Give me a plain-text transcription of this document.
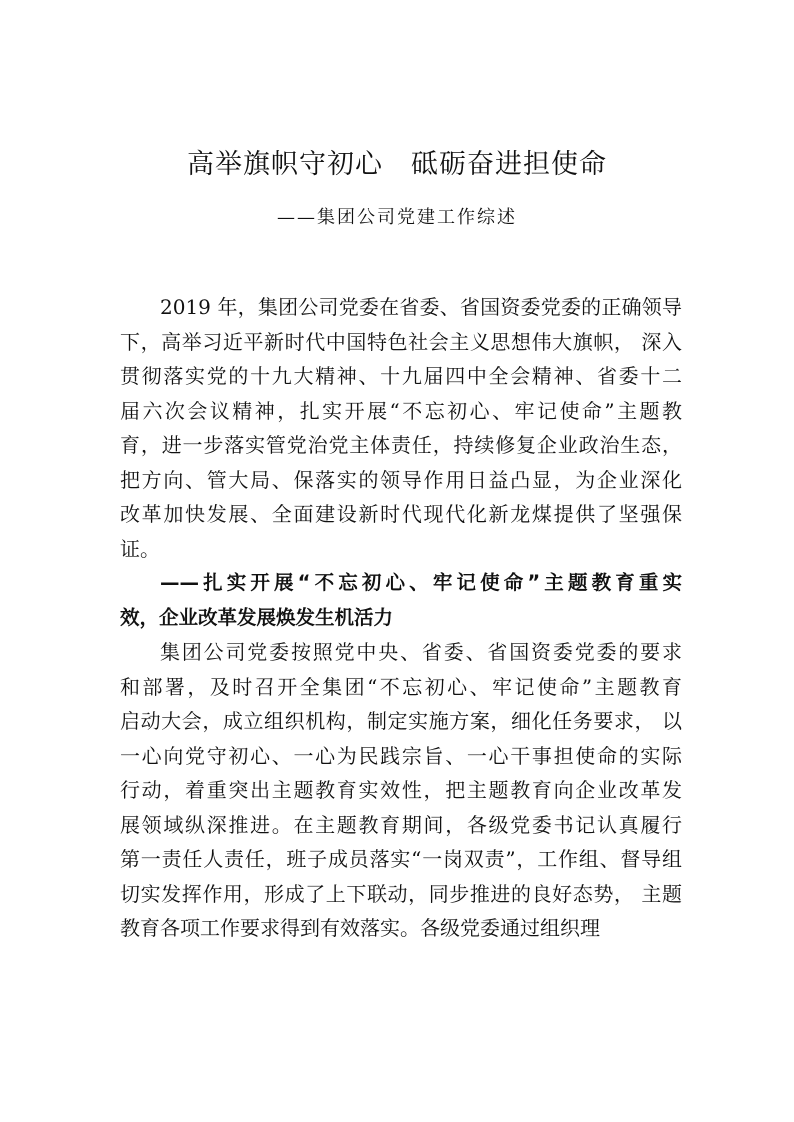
高举旗帜守初心　砥砺奋进担使命
——集团公司党建工作综述
2019 年，集团公司党委在省委、省国资委党委的正确领导
下，高举习近平新时代中国特色社会主义思想伟大旗帜， 深入
贯彻落实党的十九大精神、十九届四中全会精神、省委十二
届六次会议精神，扎实开展“不忘初心、牢记使命”主题教
育，进一步落实管党治党主体责任，持续修复企业政治生态，
把方向、管大局、保落实的领导作用日益凸显，为企业深化
改革加快发展、全面建设新时代现代化新龙煤提供了坚强保
证。
——扎实开展“不忘初心、牢记使命”主题教育重实
效，企业改革发展焕发生机活力
集团公司党委按照党中央、省委、省国资委党委的要求
和部署，及时召开全集团“不忘初心、牢记使命”主题教育
启动大会，成立组织机构，制定实施方案，细化任务要求， 以
一心向党守初心、一心为民践宗旨、一心干事担使命的实际
行动，着重突出主题教育实效性，把主题教育向企业改革发
展领域纵深推进。在主题教育期间，各级党委书记认真履行
第一责任人责任，班子成员落实“一岗双责”，工作组、督导组
切实发挥作用，形成了上下联动，同步推进的良好态势， 主题
教育各项工作要求得到有效落实。各级党委通过组织理
